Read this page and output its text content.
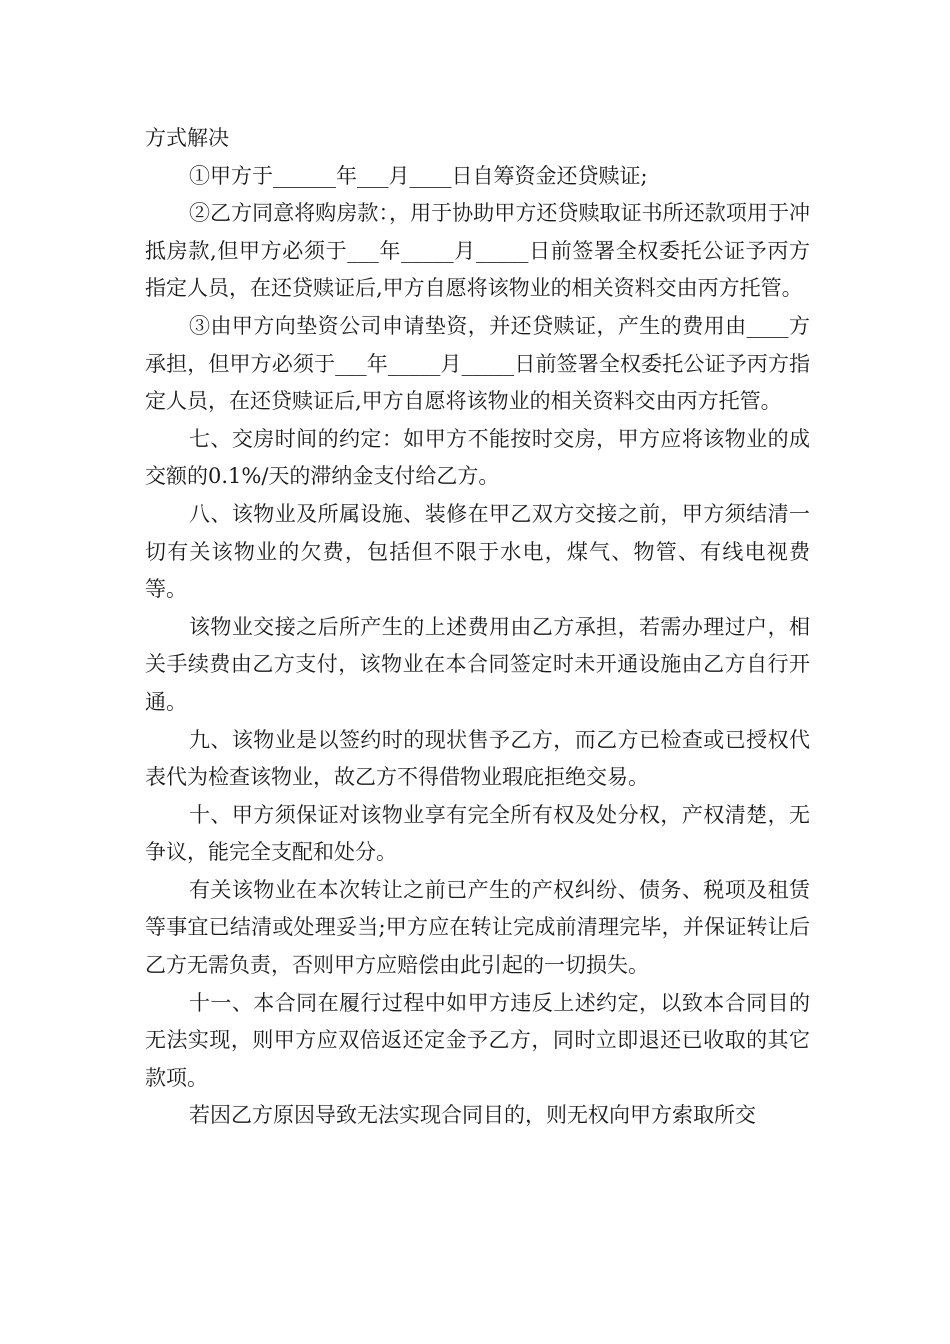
方式解决

①甲方于______年___月____日自筹资金还贷赎证;

②乙方同意将购房款：，用于协助甲方还贷赎取证书所还款项用于冲抵房款,但甲方必须于___年_____月_____日前签署全权委托公证予丙方指定人员，在还贷赎证后,甲方自愿将该物业的相关资料交由丙方托管。

③由甲方向垫资公司申请垫资，并还贷赎证，产生的费用由____方承担，但甲方必须于___年_____月_____日前签署全权委托公证予丙方指定人员，在还贷赎证后,甲方自愿将该物业的相关资料交由丙方托管。

七、交房时间的约定：如甲方不能按时交房，甲方应将该物业的成交额的0.1%/天的滞纳金支付给乙方。

八、该物业及所属设施、装修在甲乙双方交接之前，甲方须结清一切有关该物业的欠费，包括但不限于水电，煤气、物管、有线电视费等。

该物业交接之后所产生的上述费用由乙方承担，若需办理过户，相关手续费由乙方支付，该物业在本合同签定时未开通设施由乙方自行开通。

九、该物业是以签约时的现状售予乙方，而乙方已检查或已授权代表代为检查该物业，故乙方不得借物业瑕庇拒绝交易。

十、甲方须保证对该物业享有完全所有权及处分权，产权清楚，无争议，能完全支配和处分。

有关该物业在本次转让之前已产生的产权纠纷、债务、税项及租赁等事宜已结清或处理妥当;甲方应在转让完成前清理完毕，并保证转让后乙方无需负责，否则甲方应赔偿由此引起的一切损失。

十一、本合同在履行过程中如甲方违反上述约定，以致本合同目的无法实现，则甲方应双倍返还定金予乙方，同时立即退还已收取的其它款项。

若因乙方原因导致无法实现合同目的，则无权向甲方索取所交
